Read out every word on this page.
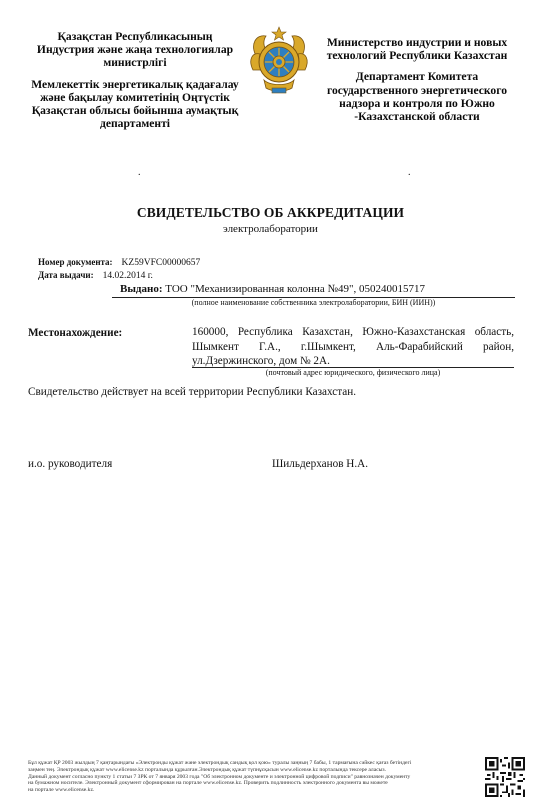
Қазақстан Республикасының
Индустрия және жаңа технологиялар
министрлігі
Мемлекеттік энергетикалық қадағалау
және бақылау комитетінің Оңтүстік
Қазақстан облысы бойынша аумақтық
департаменті
Министерство индустрии и новых
технологий Республики Казахстан
Департамент Комитета
государственного энергетического
надзора и контроля по Южно
-Казахстанской области
.	.
СВИДЕТЕЛЬСТВО ОБ АККРЕДИТАЦИИ
электролаборатории
Номер документа: KZ59VFC00000657
Дата выдачи: 14.02.2014 г.
Выдано: ТОО "Механизированная колонна №49", 050240015717
(полное наименование собственника электролаборатории, БИН (ИИН))
Местонахождение:	160000, Республика Казахстан, Южно-Казахстанская область, Шымкент Г.А., г.Шымкент, Аль-Фарабийский район, ул.Дзержинского, дом № 2А.
(почтовый адрес юридического, физического лица)
Свидетельство действует на всей территории Республики Казахстан.
и.о. руководителя	Шильдерханов Н.А.
Бұл құжат ҚР 2003 жылдың 7 қаңтарындағы «Электронды құжат және электрондық сандық қол қою» туралы заңның 7 бабы, 1 тармағына сәйкес қағаз бетіндегі
заңмен тең. Электрондық құжат www.elicense.kz порталында құрылған.Электрондық құжат түпнұсқасын www.elicense.kz порталында тексере аласыз.
Данный документ согласно пункту 1 статьи 7 ЗРК от 7 января 2003 года "Об электронном документе и электронной цифровой подписи" равнозначен документу
на бумажном носителе. Электронный документ сформирован на портале www.elicense.kz. Проверить подлинность электронного документа вы можете
на портале www.elicense.kz.
